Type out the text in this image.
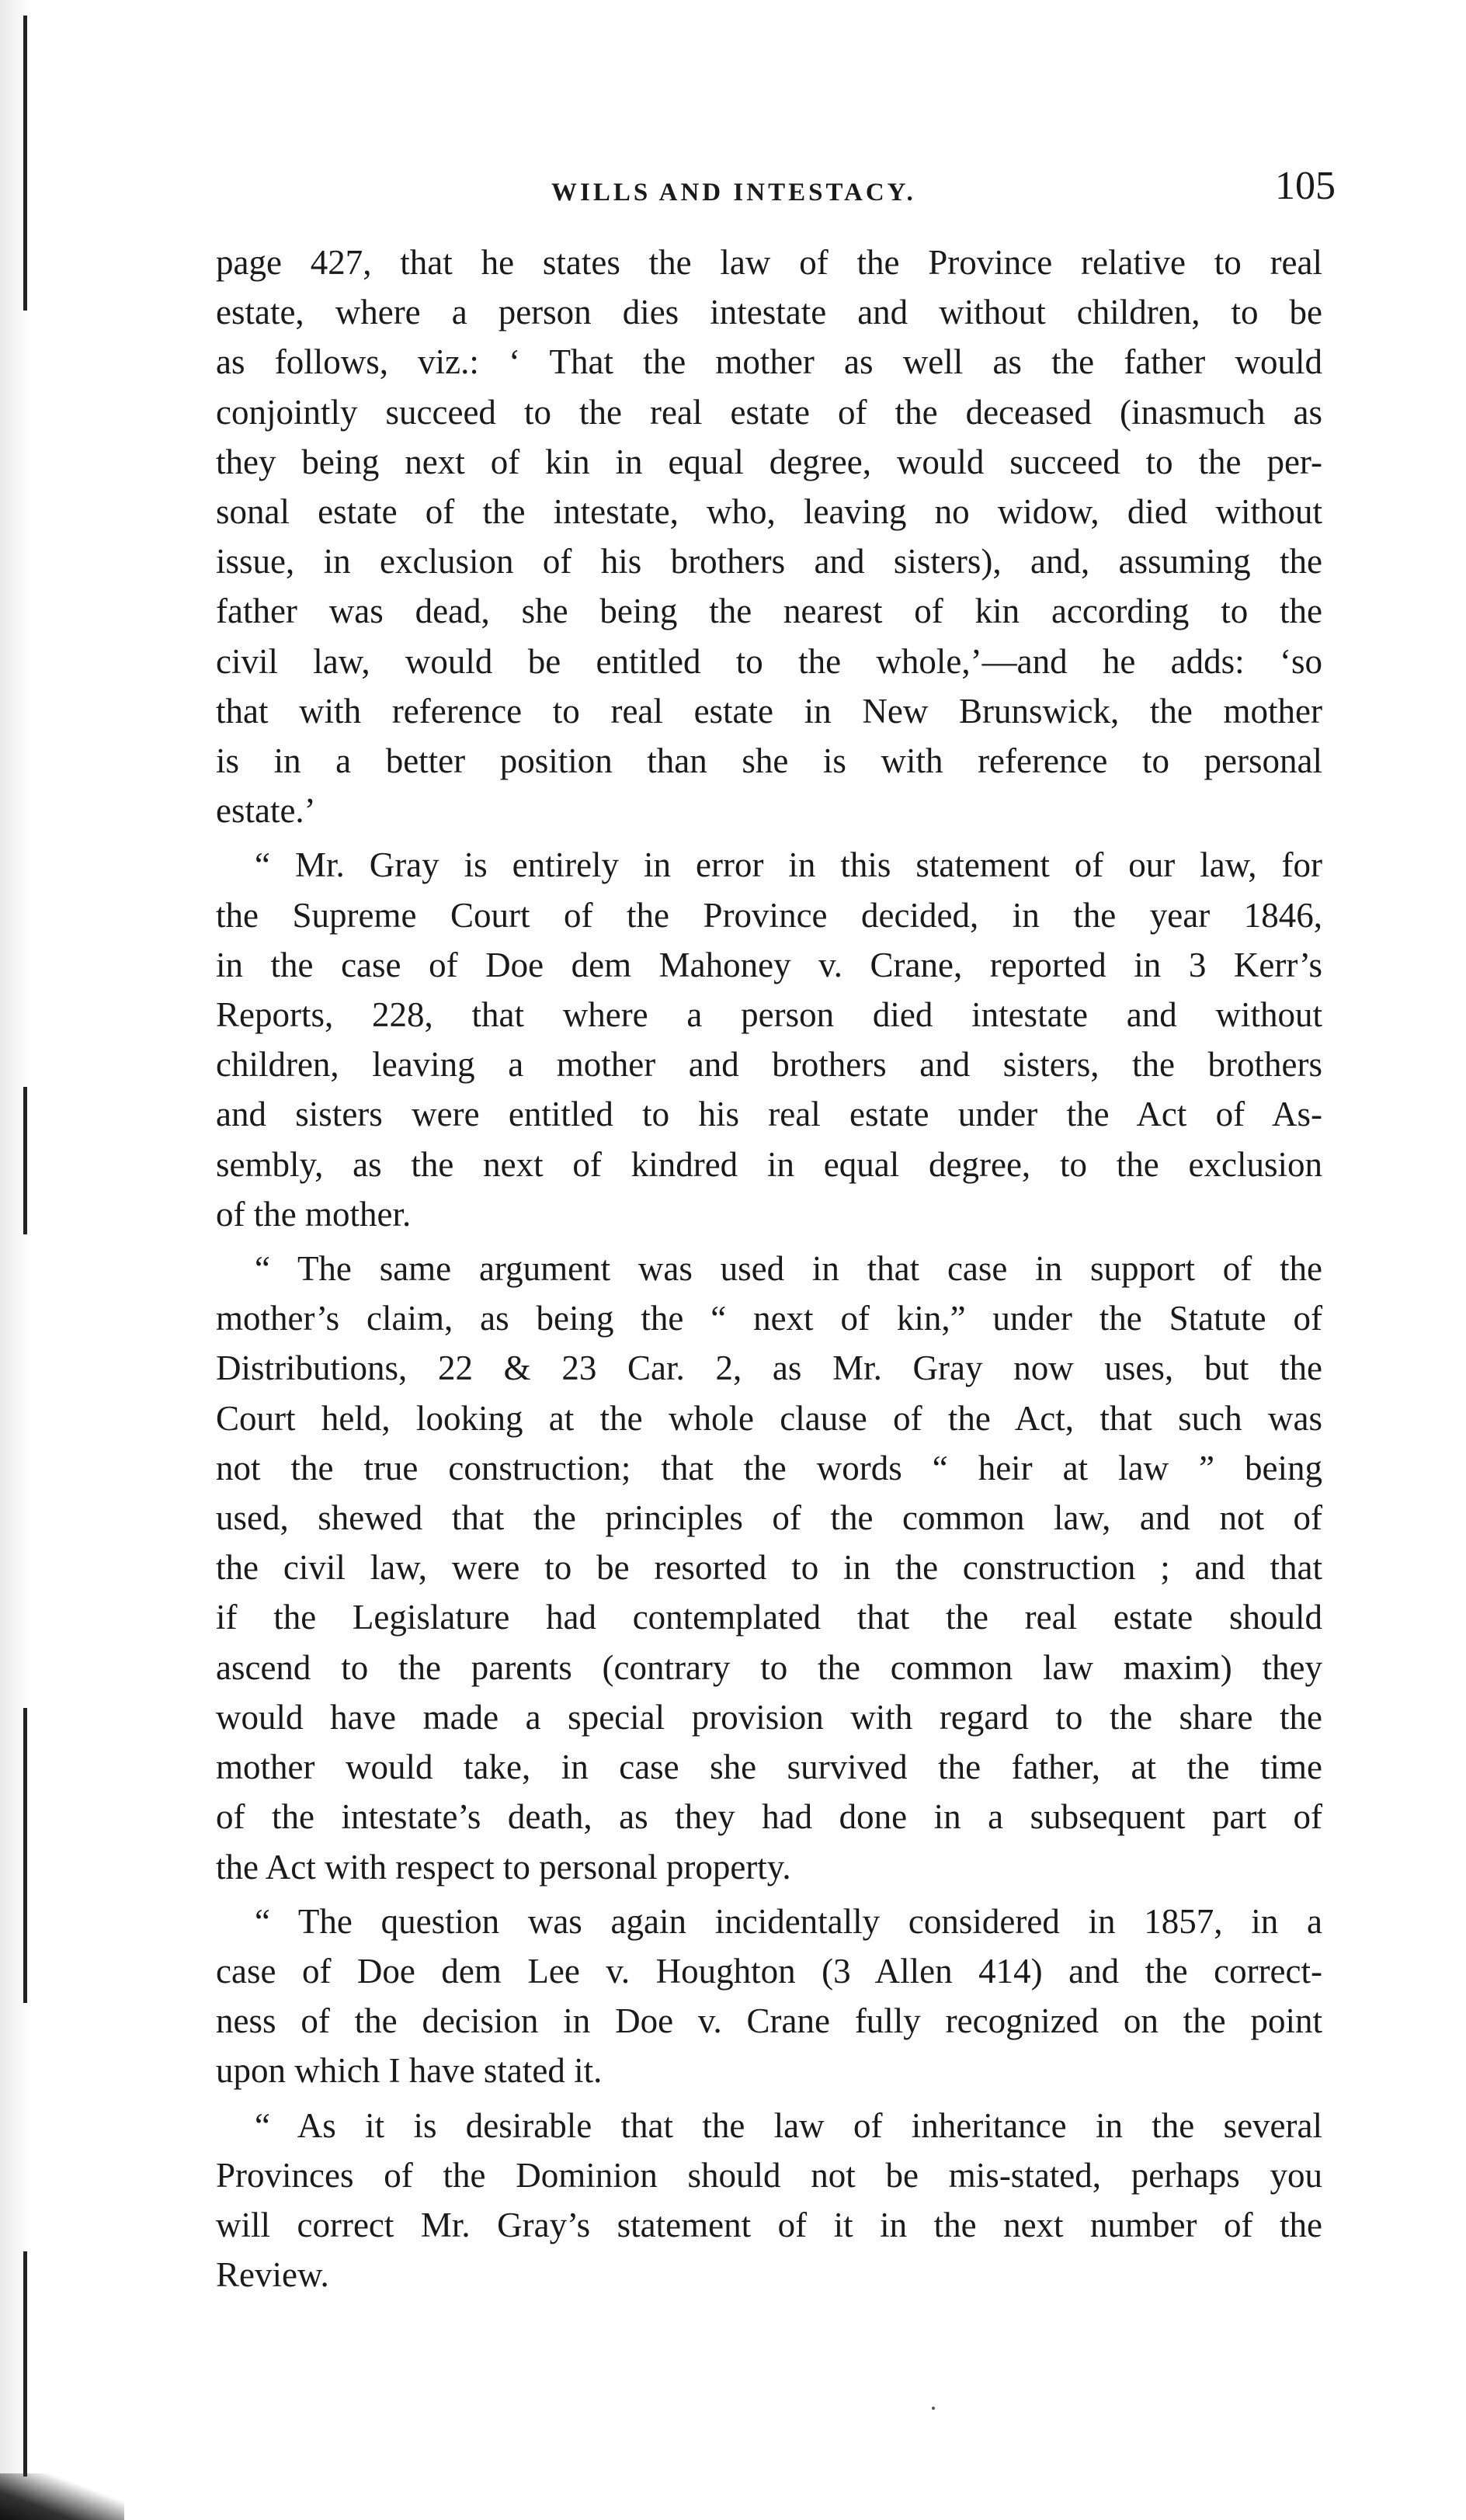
WILLS AND INTESTACY.	105

page 427, that he states the law of the Province relative to real
estate, where a person dies intestate and without children, to be
as follows, viz.: ‘ That the mother as well as the father would
conjointly succeed to the real estate of the deceased (inasmuch as
they being next of kin in equal degree, would succeed to the per-
sonal estate of the intestate, who, leaving no widow, died without
issue, in exclusion of his brothers and sisters), and, assuming the
father was dead, she being the nearest of kin according to the
civil law, would be entitled to the whole,’—and he adds: ‘so
that with reference to real estate in New Brunswick, the mother
is in a better position than she is with reference to personal
estate.’

“ Mr. Gray is entirely in error in this statement of our law, for

the Supreme Court of the Province decided, in the year 1846,
in the case of Doe dem Mahoney v. Crane, reported in 3 Kerr’s
Reports, 228, that where a person died intestate and without
children, leaving a mother and brothers and sisters, the brothers
and sisters were entitled to his real estate under the Act of As-
sembly, as the next of kindred in equal degree, to the exclusion
of the mother.

“ The same argument was used in that case in support of the

mother’s claim, as being the “ next of kin,” under the Statute of
Distributions, 22 & 23 Car. 2, as Mr. Gray now uses, but the
Court held, looking at the whole clause of the Act, that such was
not the true construction; that the words “ heir at law ” being
used, shewed that the principles of the common law, and not of
the civil law, were to be resorted to in the construction ; and that
if the Legislature had contemplated that the real estate should
ascend to the parents (contrary to the common law maxim) they
would have made a special provision with regard to the share the
mother would take, in case she survived the father, at the time
of the intestate’s death, as they had done in a subsequent part of
the Act with respect to personal property.

“ The question was again incidentally considered in 1857, in a

case of Doe dem Lee v. Houghton (3 Allen 414) and the correct-
ness of the decision in Doe v. Crane fully recognized on the point
upon which I have stated it.

“ As it is desirable that the law of inheritance in the several

Provinces of the Dominion should not be mis-stated, perhaps you
will correct Mr. Gray’s statement of it in the next number of the
Review.
